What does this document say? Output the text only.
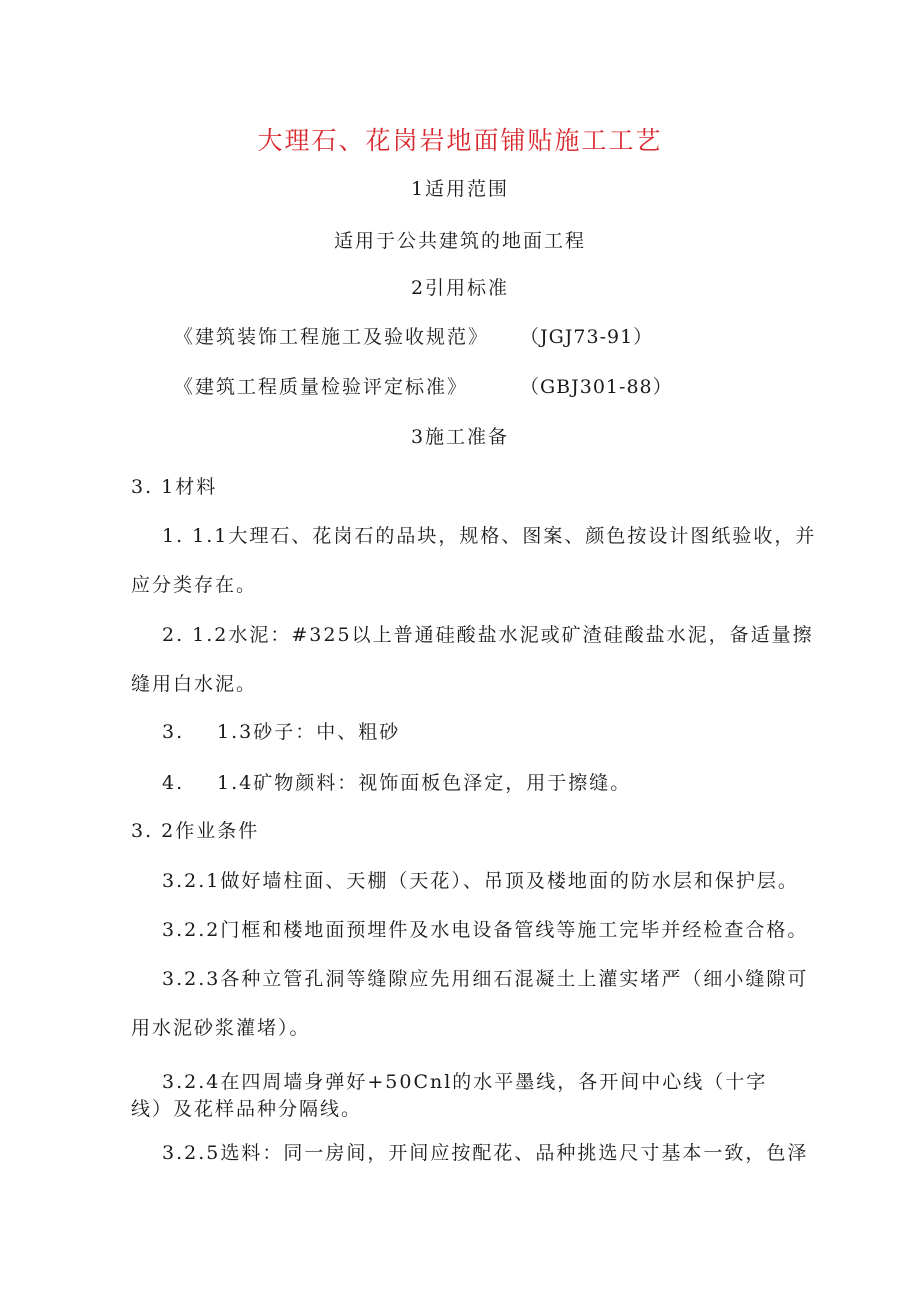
大理石、花岗岩地面铺贴施工工艺
1适用范围
适用于公共建筑的地面工程
2引用标准
《建筑装饰工程施工及验收规范》 （JGJ73-91）
《建筑工程质量检验评定标准》	（GBJ301-88）
3施工准备
3. 1材料
1. 1.1大理石、花岗石的品块，规格、图案、颜色按设计图纸验收，并
应分类存在。
2. 1.2水泥：#325以上普通硅酸盐水泥或矿渣硅酸盐水泥，备适量擦
缝用白水泥。
3. 1.3砂子：中、粗砂
4. 1.4矿物颜料：视饰面板色泽定，用于擦缝。
3. 2作业条件
3.2.1做好墙柱面、天棚（天花）、吊顶及楼地面的防水层和保护层。
3.2.2门框和楼地面预埋件及水电设备管线等施工完毕并经检查合格。
3.2.3各种立管孔洞等缝隙应先用细石混凝土上灌实堵严（细小缝隙可
用水泥砂浆灌堵）。
3.2.4在四周墙身弹好+50Cnl的水平墨线，各开间中心线（十字
线）及花样品种分隔线。
3.2.5选料：同一房间，开间应按配花、品种挑选尺寸基本一致，色泽
